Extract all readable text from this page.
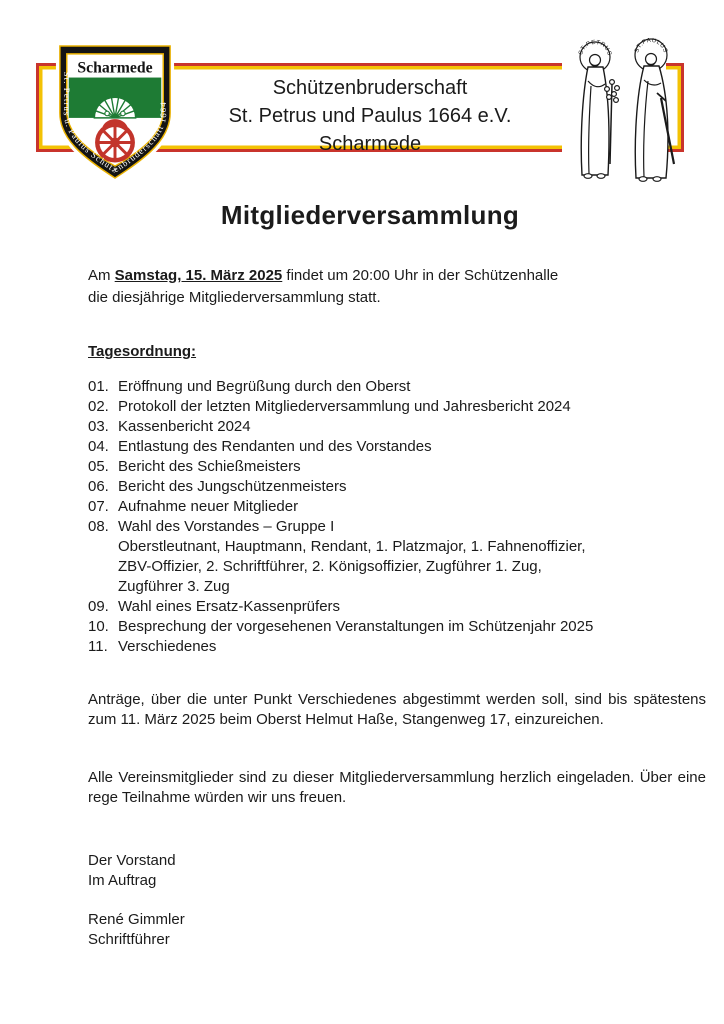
Scharmede
St. Petrus u. Paulus Schützenbruderschaft 1664
Schützenbruderschaft
St. Petrus und Paulus 1664 e.V.
Scharmede
ST.PETRUS	ST.PAULUS
Mitgliederversammlung

Am Samstag, 15. März 2025 findet um 20:00 Uhr in der Schützenhalle
die diesjährige Mitgliederversammlung statt.

Tagesordnung:
01. Eröffnung und Begrüßung durch den Oberst
02. Protokoll der letzten Mitgliederversammlung und Jahresbericht 2024
03. Kassenbericht 2024
04. Entlastung des Rendanten und des Vorstandes
05. Bericht des Schießmeisters
06. Bericht des Jungschützenmeisters
07. Aufnahme neuer Mitglieder
08. Wahl des Vorstandes – Gruppe I
Oberstleutnant, Hauptmann, Rendant, 1. Platzmajor, 1. Fahnenoffizier,
ZBV-Offizier, 2. Schriftführer, 2. Königsoffizier, Zugführer 1. Zug,
Zugführer 3. Zug
09. Wahl eines Ersatz-Kassenprüfers
10. Besprechung der vorgesehenen Veranstaltungen im Schützenjahr 2025
11. Verschiedenes

Anträge, über die unter Punkt Verschiedenes abgestimmt werden soll, sind bis spätestens zum 11. März 2025 beim Oberst Helmut Haße, Stangenweg 17, einzureichen.

Alle Vereinsmitglieder sind zu dieser Mitgliederversammlung herzlich eingeladen. Über eine rege Teilnahme würden wir uns freuen.

Der Vorstand
Im Auftrag
René Gimmler
Schriftführer
